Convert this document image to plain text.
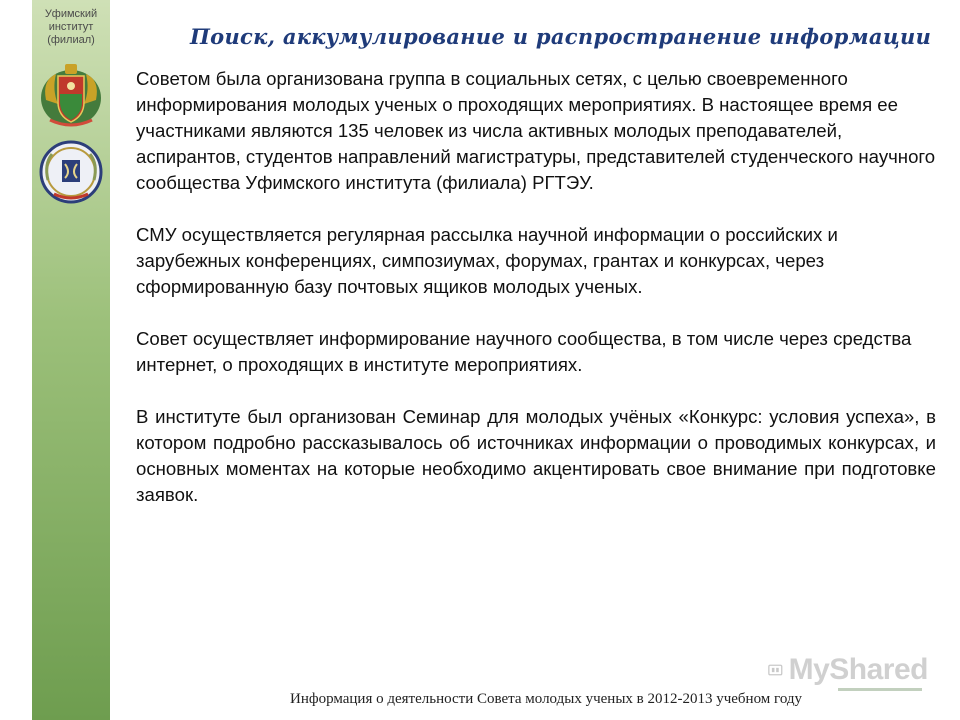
Уфимский
институт
(филиал)	Поиск, аккумулирование и распространение информации

Советом была организована группа в социальных сетях, с целью своевременного информирования молодых ученых о проходящих мероприятиях. В настоящее время ее участниками являются 135 человек из числа активных молодых преподавателей, аспирантов, студентов направлений магистратуры, представителей студенческого научного сообщества Уфимского института (филиала) РГТЭУ.

СМУ осуществляется регулярная рассылка научной информации о российских и зарубежных конференциях, симпозиумах, форумах, грантах и конкурсах, через сформированную базу почтовых ящиков молодых ученых.

Совет осуществляет информирование научного сообщества, в том числе через средства интернет, о проходящих в институте мероприятиях.

В институте был организован Семинар для молодых учёных «Конкурс: условия успеха», в котором подробно рассказывалось об источниках информации о проводимых конкурсах, и основных моментах на которые необходимо акцентировать свое внимание при подготовке заявок.

MyShared
Информация о деятельности Совета молодых ученых в 2012-2013 учебном году
